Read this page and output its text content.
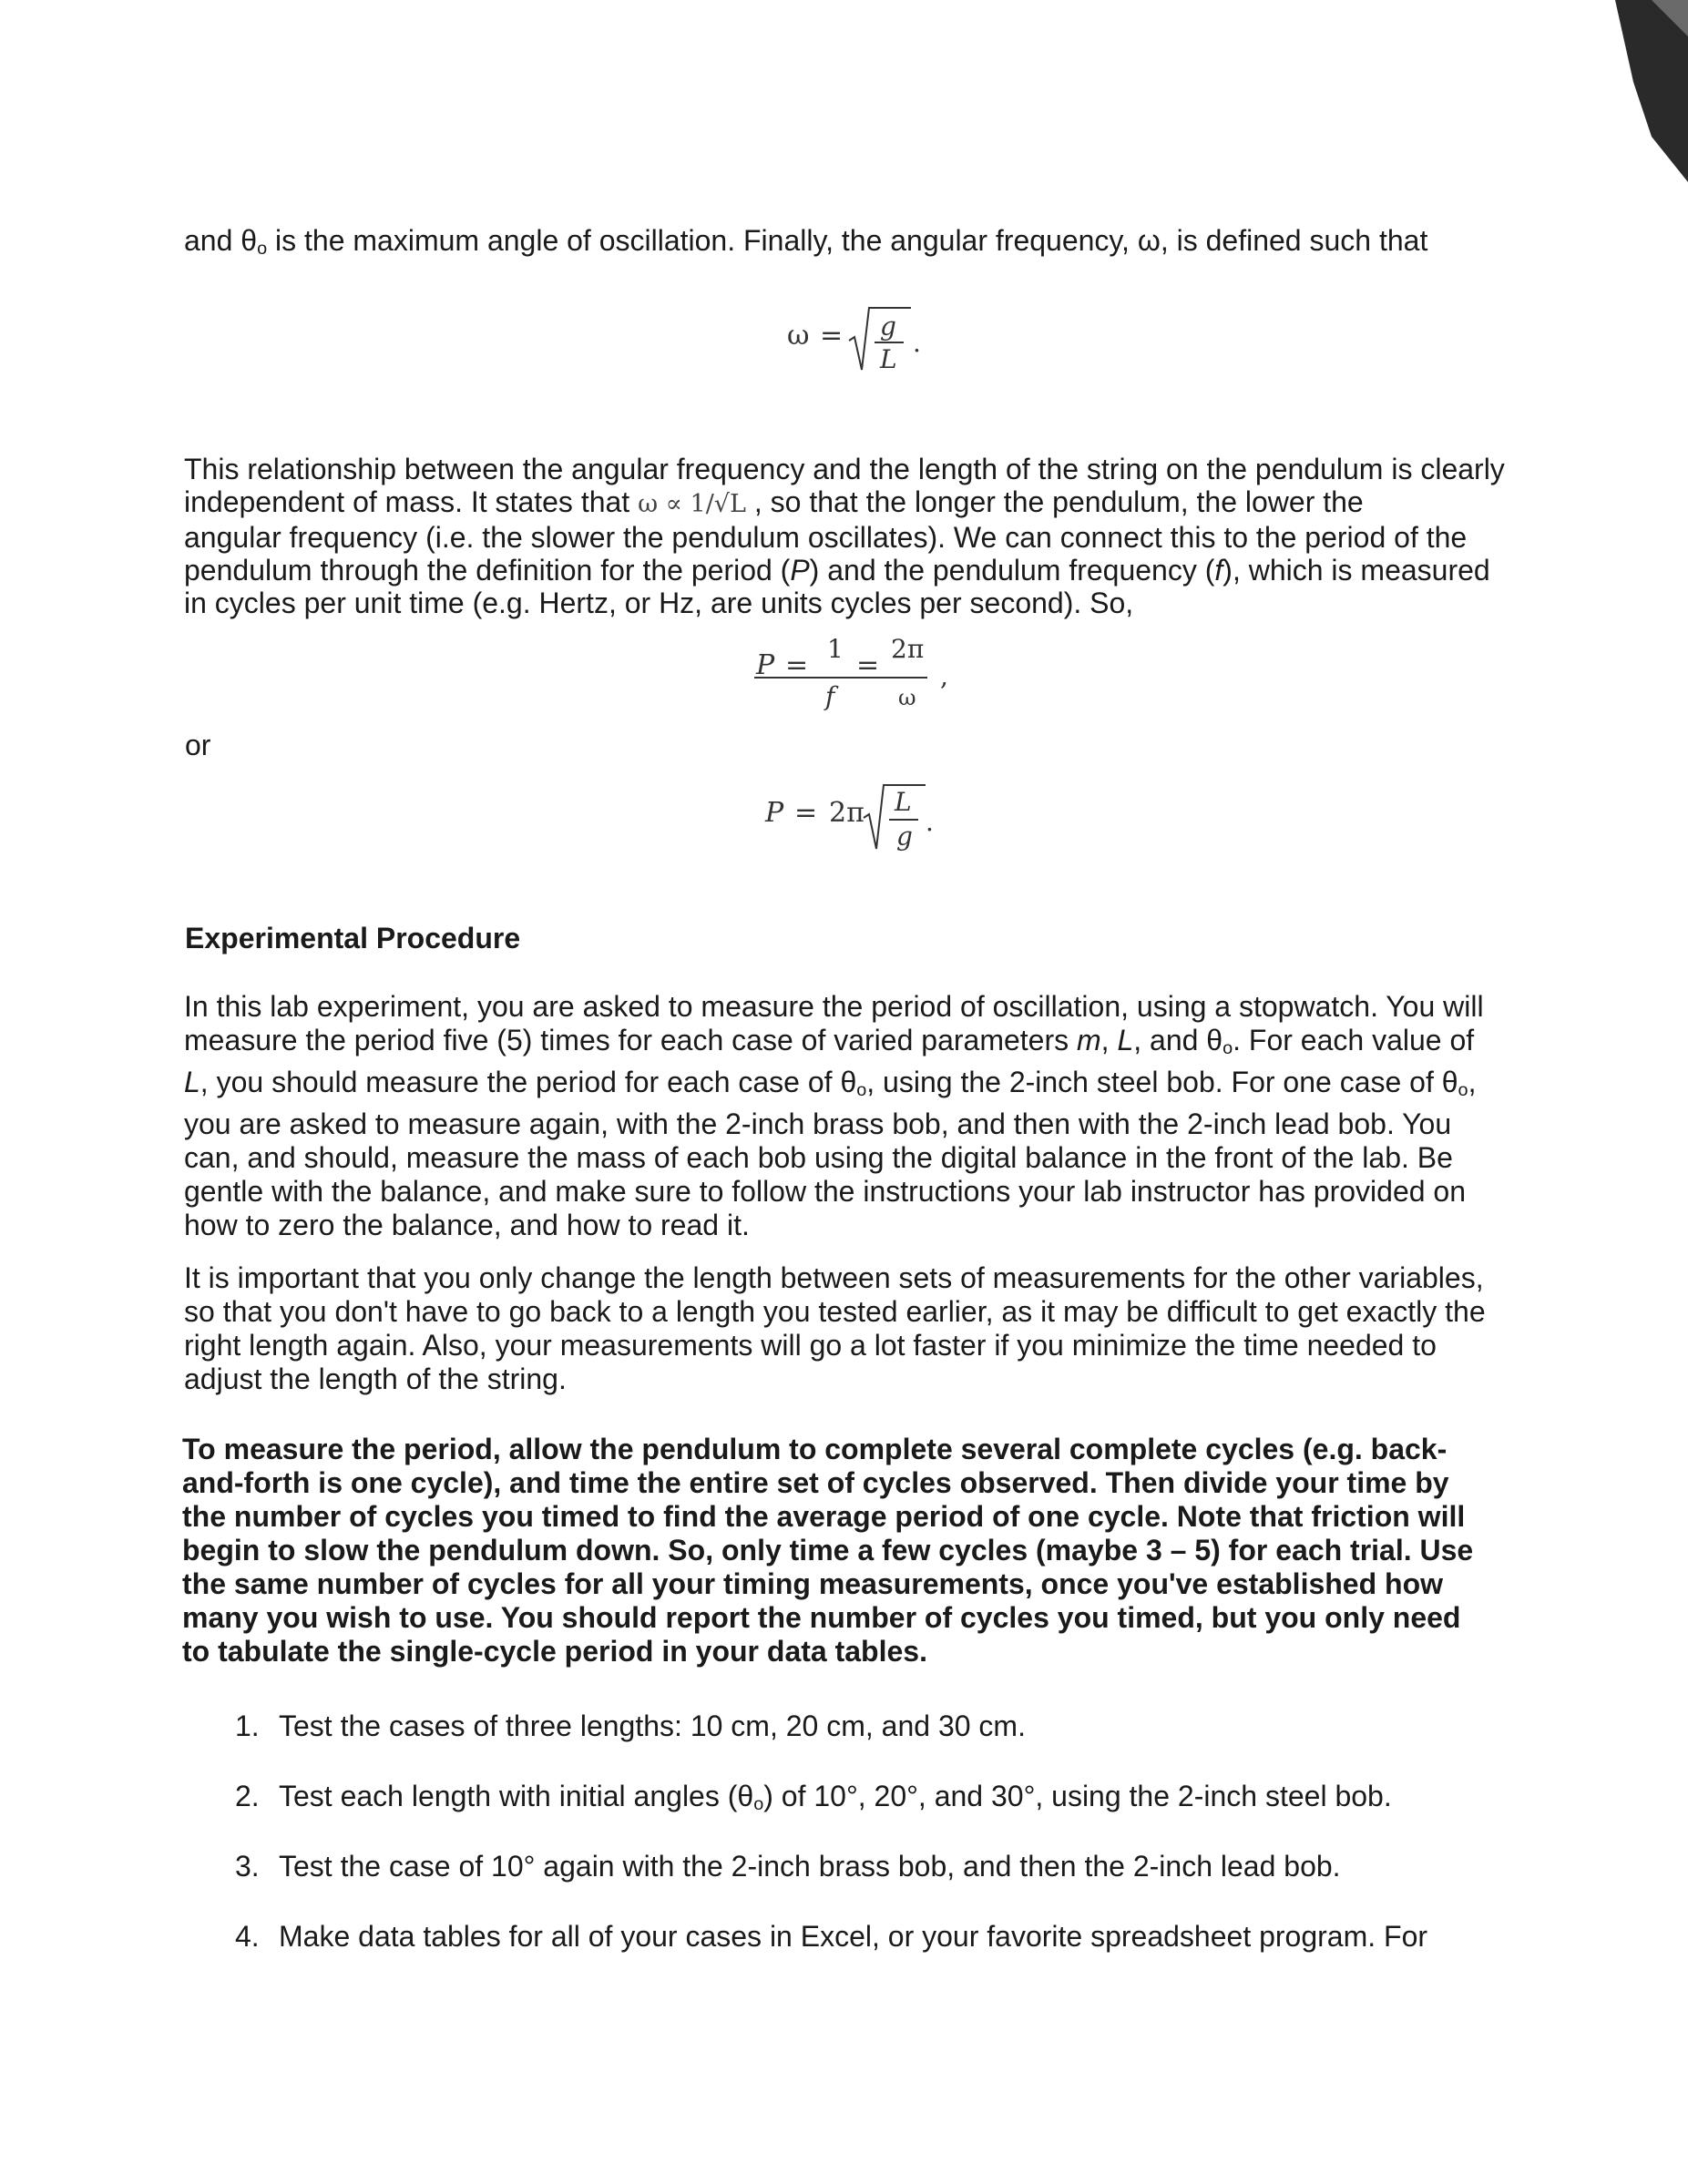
and $\theta_o$ is the maximum angle of oscillation. Finally, the angular frequency, ω, is defined such that

ω = g
L
.
This relationship between the angular frequency and the length of the string on the pendulum is clearly
independent of mass. It states that ω ∝ 1/√L , so that the longer the pendulum, the lower the
angular frequency (i.e. the slower the pendulum oscillates). We can connect this to the period of the
pendulum through the definition for the period (P) and the pendulum frequency (f), which is measured
in cycles per unit time (e.g. Hertz, or Hz, are units cycles per second). So,
P =
1
f
=
2π
ω
,
or
P = 2π L
g .
Experimental Procedure
In this lab experiment, you are asked to measure the period of oscillation, using a stopwatch. You will
measure the period five (5) times for each case of varied parameters m, L, and $\theta_o$. For each value of
L, you should measure the period for each case of $\theta_o$, using the 2-inch steel bob. For one case of $\theta_o$,
you are asked to measure again, with the 2-inch brass bob, and then with the 2-inch lead bob. You
can, and should, measure the mass of each bob using the digital balance in the front of the lab. Be
gentle with the balance, and make sure to follow the instructions your lab instructor has provided on
how to zero the balance, and how to read it.
It is important that you only change the length between sets of measurements for the other variables,
so that you don't have to go back to a length you tested earlier, as it may be difficult to get exactly the
right length again. Also, your measurements will go a lot faster if you minimize the time needed to
adjust the length of the string.
To measure the period, allow the pendulum to complete several complete cycles (e.g. back-
and-forth is one cycle), and time the entire set of cycles observed. Then divide your time by
the number of cycles you timed to find the average period of one cycle. Note that friction will
begin to slow the pendulum down. So, only time a few cycles (maybe 3 – 5) for each trial. Use
the same number of cycles for all your timing measurements, once you've established how
many you wish to use. You should report the number of cycles you timed, but you only need
to tabulate the single-cycle period in your data tables.
1. Test the cases of three lengths: 10 cm, 20 cm, and 30 cm.
2. Test each length with initial angles $(\theta_o)$ of 10°, 20°, and 30°, using the 2-inch steel bob.
3. Test the case of 10° again with the 2-inch brass bob, and then the 2-inch lead bob.
4. Make data tables for all of your cases in Excel, or your favorite spreadsheet program. For
